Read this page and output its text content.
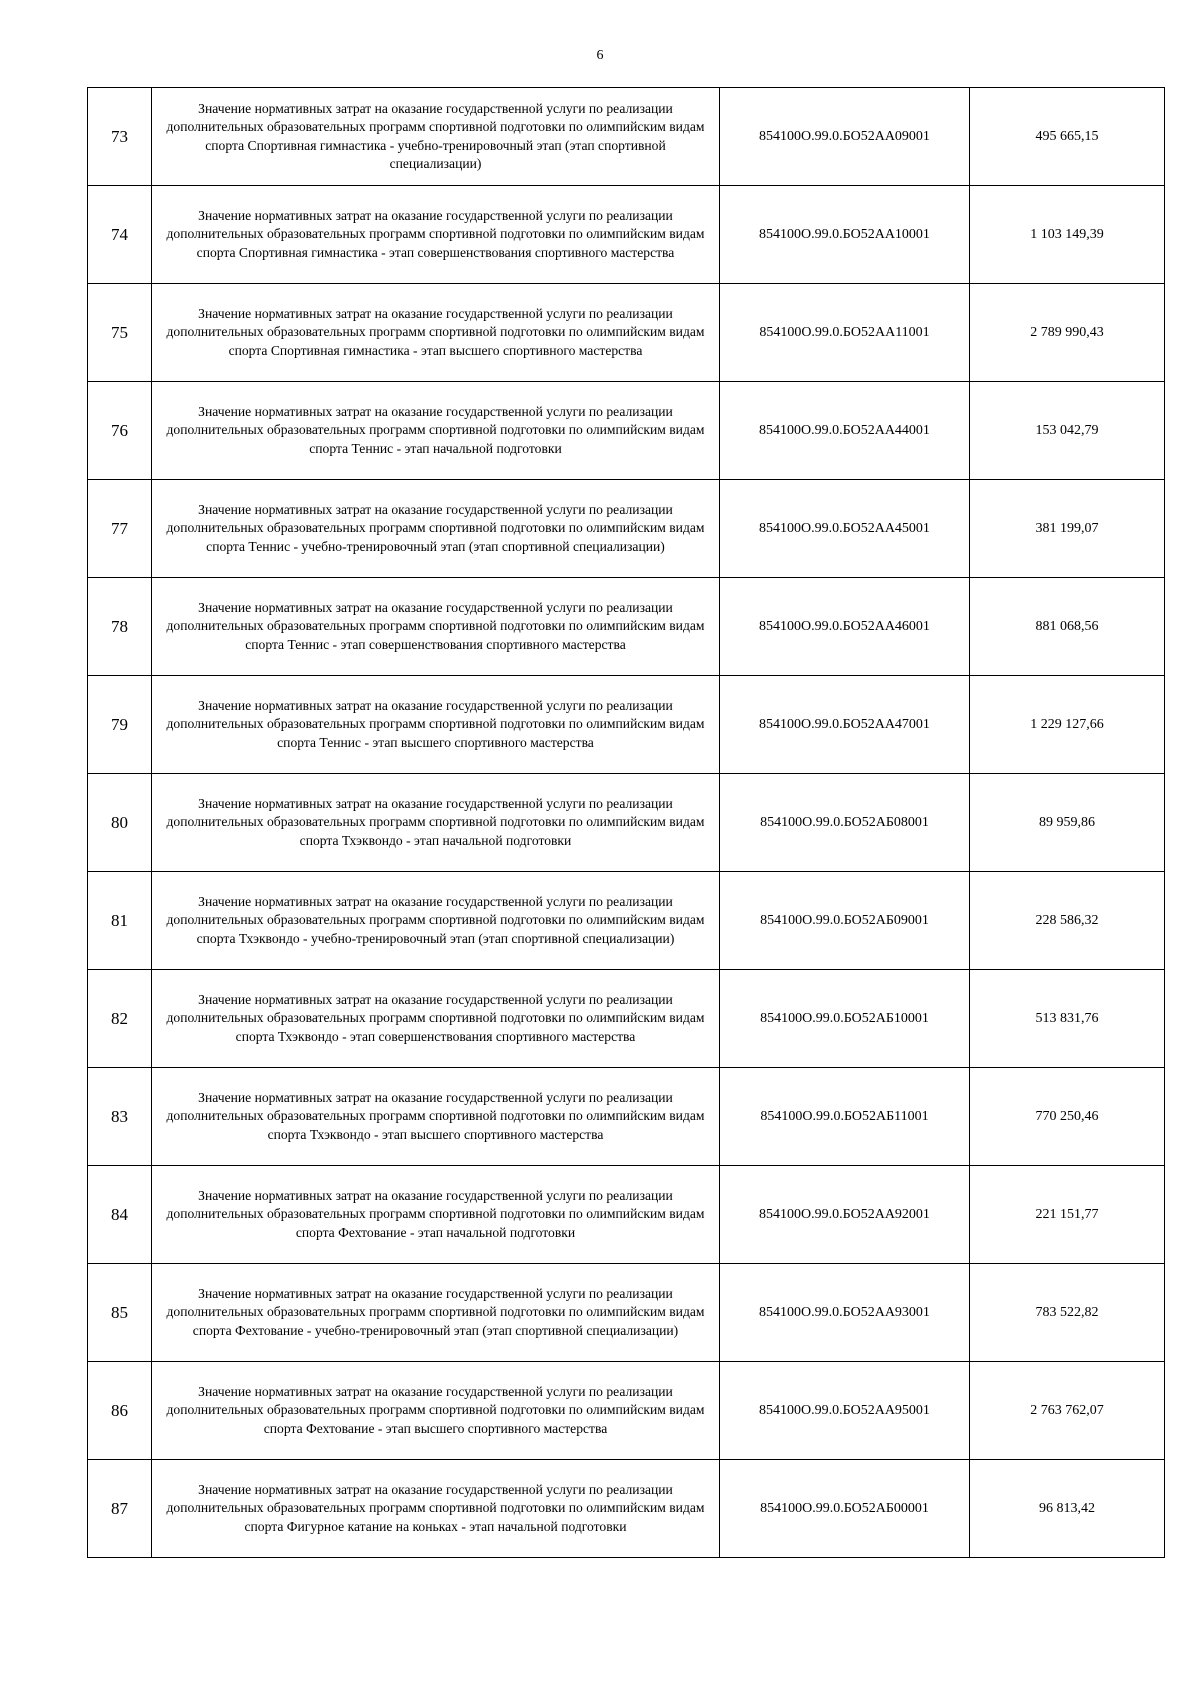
6
73	Значение нормативных затрат на оказание государственной услуги по реализации дополнительных образовательных программ спортивной подготовки по олимпийским видам спорта Спортивная гимнастика - учебно-тренировочный этап (этап спортивной специализации)	854100О.99.0.БО52АА09001	495 665,15
74	Значение нормативных затрат на оказание государственной услуги по реализации дополнительных образовательных программ спортивной подготовки по олимпийским видам спорта Спортивная гимнастика - этап совершенствования спортивного мастерства	854100О.99.0.БО52АА10001	1 103 149,39
75	Значение нормативных затрат на оказание государственной услуги по реализации дополнительных образовательных программ спортивной подготовки по олимпийским видам спорта Спортивная гимнастика - этап высшего спортивного мастерства	854100О.99.0.БО52АА11001	2 789 990,43
76	Значение нормативных затрат на оказание государственной услуги по реализации дополнительных образовательных программ спортивной подготовки по олимпийским видам спорта Теннис - этап начальной подготовки	854100О.99.0.БО52АА44001	153 042,79
77	Значение нормативных затрат на оказание государственной услуги по реализации дополнительных образовательных программ спортивной подготовки по олимпийским видам спорта Теннис - учебно-тренировочный этап (этап спортивной специализации)	854100О.99.0.БО52АА45001	381 199,07
78	Значение нормативных затрат на оказание государственной услуги по реализации дополнительных образовательных программ спортивной подготовки по олимпийским видам спорта Теннис - этап совершенствования спортивного мастерства	854100О.99.0.БО52АА46001	881 068,56
79	Значение нормативных затрат на оказание государственной услуги по реализации дополнительных образовательных программ спортивной подготовки по олимпийским видам спорта Теннис - этап высшего спортивного мастерства	854100О.99.0.БО52АА47001	1 229 127,66
80	Значение нормативных затрат на оказание государственной услуги по реализации дополнительных образовательных программ спортивной подготовки по олимпийским видам спорта Тхэквондо - этап начальной подготовки	854100О.99.0.БО52АБ08001	89 959,86
81	Значение нормативных затрат на оказание государственной услуги по реализации дополнительных образовательных программ спортивной подготовки по олимпийским видам спорта Тхэквондо - учебно-тренировочный этап (этап спортивной специализации)	854100О.99.0.БО52АБ09001	228 586,32
82	Значение нормативных затрат на оказание государственной услуги по реализации дополнительных образовательных программ спортивной подготовки по олимпийским видам спорта Тхэквондо - этап совершенствования спортивного мастерства	854100О.99.0.БО52АБ10001	513 831,76
83	Значение нормативных затрат на оказание государственной услуги по реализации дополнительных образовательных программ спортивной подготовки по олимпийским видам спорта Тхэквондо - этап высшего спортивного мастерства	854100О.99.0.БО52АБ11001	770 250,46
84	Значение нормативных затрат на оказание государственной услуги по реализации дополнительных образовательных программ спортивной подготовки по олимпийским видам спорта Фехтование - этап начальной подготовки	854100О.99.0.БО52АА92001	221 151,77
85	Значение нормативных затрат на оказание государственной услуги по реализации дополнительных образовательных программ спортивной подготовки по олимпийским видам спорта Фехтование - учебно-тренировочный этап (этап спортивной специализации)	854100О.99.0.БО52АА93001	783 522,82
86	Значение нормативных затрат на оказание государственной услуги по реализации дополнительных образовательных программ спортивной подготовки по олимпийским видам спорта Фехтование - этап высшего спортивного мастерства	854100О.99.0.БО52АА95001	2 763 762,07
87	Значение нормативных затрат на оказание государственной услуги по реализации дополнительных образовательных программ спортивной подготовки по олимпийским видам спорта Фигурное катание на коньках - этап начальной подготовки	854100О.99.0.БО52АБ00001	96 813,42
